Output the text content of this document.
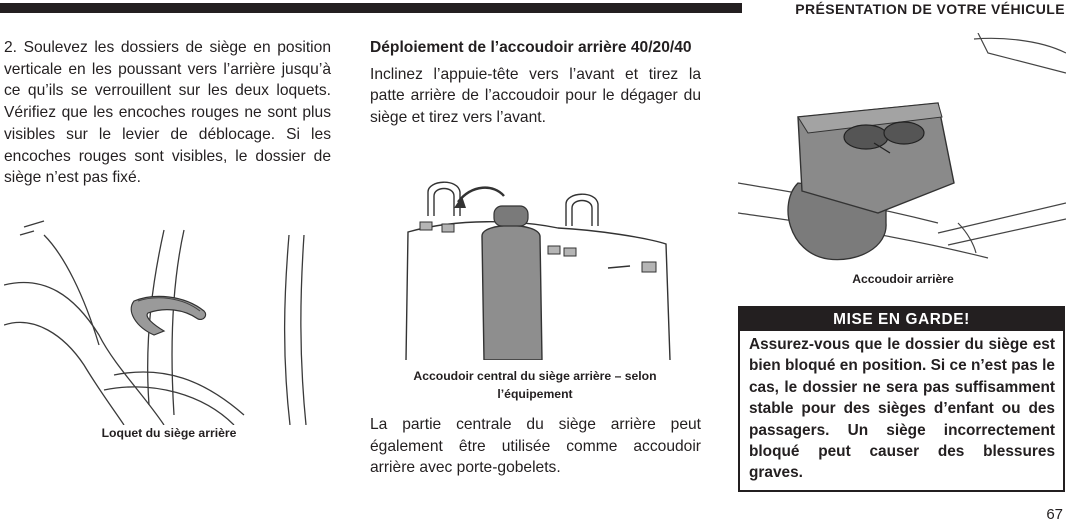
PRÉSENTATION DE VOTRE VÉHICULE

2. Soulevez les dossiers de siège en position verticale en les poussant vers l’arrière jusqu’à ce qu’ils se verrouillent sur les deux loquets. Vérifiez que les encoches rouges ne sont plus visibles sur le levier de déblocage. Si les encoches rouges sont visibles, le dossier de siège n’est pas fixé.

Loquet du siège arrière

Déploiement de l’accoudoir arrière 40/20/40

Inclinez l’appuie-tête vers l’avant et tirez la patte arrière de l’accoudoir pour le dégager du siège et tirez vers l’avant.

Accoudoir central du siège arrière – selon l’équipement

La partie centrale du siège arrière peut également être utilisée comme accoudoir arrière avec porte-gobelets.

Accoudoir arrière
MISE EN GARDE!
Assurez-vous que le dossier du siège est bien bloqué en position. Si ce n’est pas le cas, le dossier ne sera pas suffisamment stable pour des sièges d’enfant ou des passagers. Un siège incorrectement bloqué peut causer des blessures graves.
67
